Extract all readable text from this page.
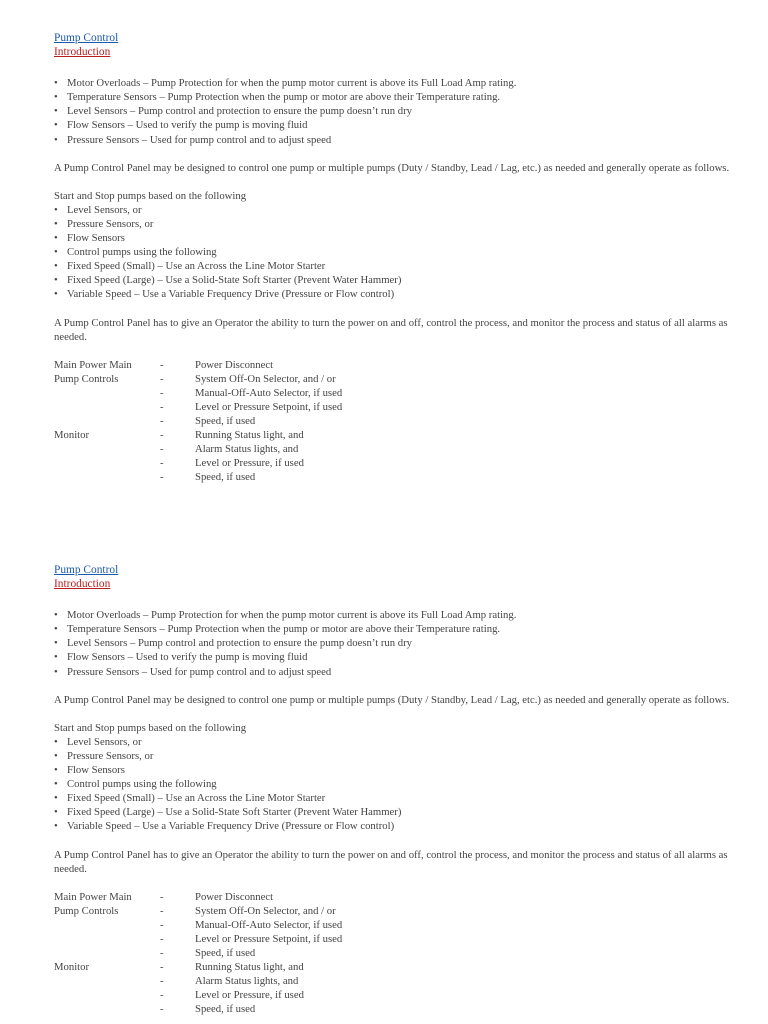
Pump Control
Introduction
• Motor Overloads – Pump Protection for when the pump motor current is above its Full Load Amp rating.
• Temperature Sensors – Pump Protection when the pump or motor are above their Temperature rating.
• Level Sensors – Pump control and protection to ensure the pump doesn’t run dry
• Flow Sensors – Used to verify the pump is moving fluid
• Pressure Sensors – Used for pump control and to adjust speed

A Pump Control Panel may be designed to control one pump or multiple pumps (Duty / Standby, Lead / Lag, etc.) as needed and generally operate as follows.

Start and Stop pumps based on the following

• Level Sensors, or
• Pressure Sensors, or
• Flow Sensors
• Control pumps using the following
• Fixed Speed (Small) – Use an Across the Line Motor Starter
• Fixed Speed (Large) – Use a Solid-State Soft Starter (Prevent Water Hammer)
• Variable Speed – Use a Variable Frequency Drive (Pressure or Flow control)

A Pump Control Panel has to give an Operator the ability to turn the power on and off, control the process, and monitor the process and status of all alarms as needed.

Main Power Main	-	Power Disconnect
Pump Controls	-	System Off-On Selector, and / or
	-	Manual-Off-Auto Selector, if used
	-	Level or Pressure Setpoint, if used
	-	Speed, if used
Monitor	-	Running Status light, and
	-	Alarm Status lights, and
	-	Level or Pressure, if used
	-	Speed, if used
Pump Control
Introduction
• Motor Overloads – Pump Protection for when the pump motor current is above its Full Load Amp rating.
• Temperature Sensors – Pump Protection when the pump or motor are above their Temperature rating.
• Level Sensors – Pump control and protection to ensure the pump doesn’t run dry
• Flow Sensors – Used to verify the pump is moving fluid
• Pressure Sensors – Used for pump control and to adjust speed

A Pump Control Panel may be designed to control one pump or multiple pumps (Duty / Standby, Lead / Lag, etc.) as needed and generally operate as follows.

Start and Stop pumps based on the following

• Level Sensors, or
• Pressure Sensors, or
• Flow Sensors
• Control pumps using the following
• Fixed Speed (Small) – Use an Across the Line Motor Starter
• Fixed Speed (Large) – Use a Solid-State Soft Starter (Prevent Water Hammer)
• Variable Speed – Use a Variable Frequency Drive (Pressure or Flow control)

A Pump Control Panel has to give an Operator the ability to turn the power on and off, control the process, and monitor the process and status of all alarms as needed.

Main Power Main	-	Power Disconnect
Pump Controls	-	System Off-On Selector, and / or
	-	Manual-Off-Auto Selector, if used
	-	Level or Pressure Setpoint, if used
	-	Speed, if used
Monitor	-	Running Status light, and
	-	Alarm Status lights, and
	-	Level or Pressure, if used
	-	Speed, if used
